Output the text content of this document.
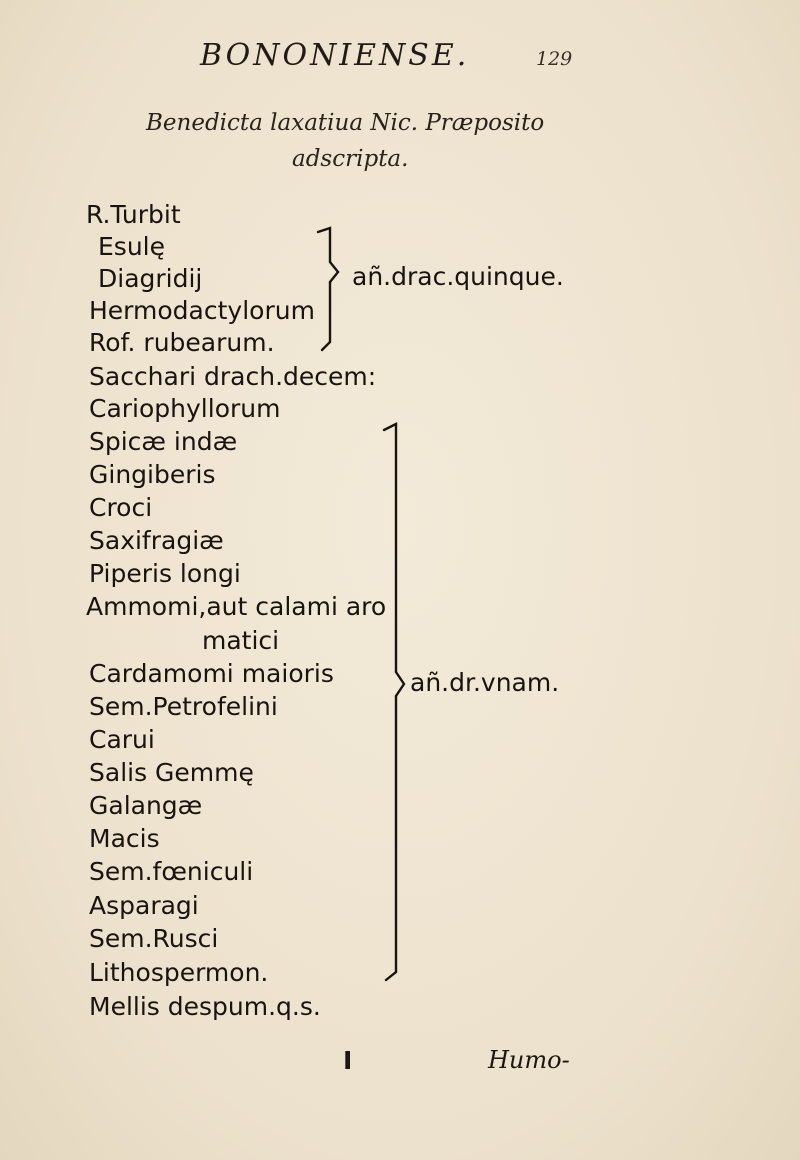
BONONIENSE.	129
Benedicta laxatiua Nic. Præposito
adscripta.
R.Turbit
Esulę
Diagridij
Hermodactylorum
Rof. rubearum.
añ.drac.quinque.
Sacchari drach.decem:
Cariophyllorum
Spicæ indæ
Gingiberis
Croci
Saxifragiæ
Piperis longi
Ammomi,aut calami aro
matici
Cardamomi maioris
Sem.Petrofelini
Carui
Salis Gemmę
Galangæ
Macis
Sem.fœniculi
Asparagi
Sem.Rusci
Lithospermon.
añ.dr.vnam.
Mellis despum.q.s.
I	Humo-
